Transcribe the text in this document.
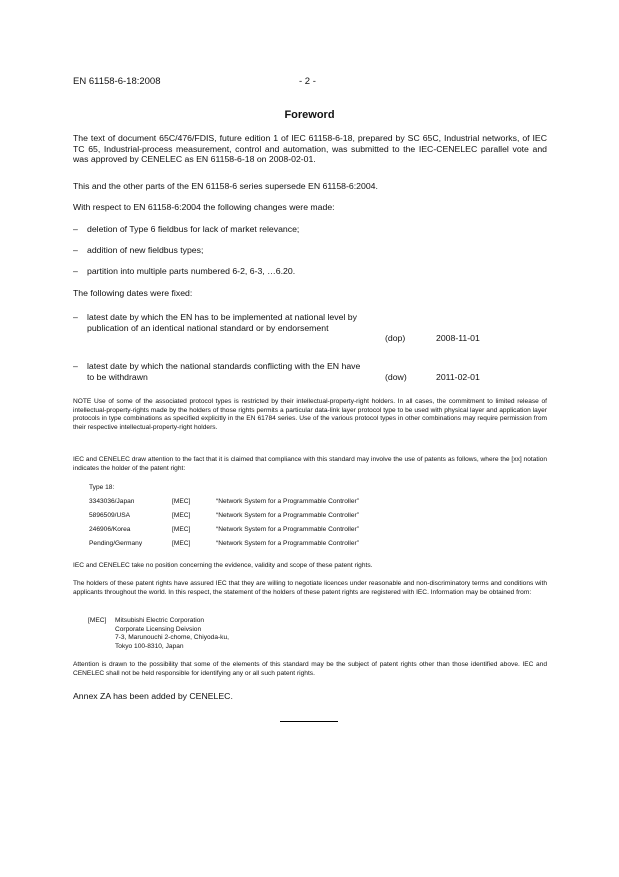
EN 61158-6-18:2008	- 2 -
Foreword
The text of document 65C/476/FDIS, future edition 1 of IEC 61158-6-18, prepared by SC 65C, Industrial networks, of IEC TC 65, Industrial-process measurement, control and automation, was submitted to the IEC-CENELEC parallel vote and was approved by CENELEC as EN 61158-6-18 on 2008-02-01.
This and the other parts of the EN 61158-6 series supersede EN 61158-6:2004.
With respect to EN 61158-6:2004 the following changes were made:
– deletion of Type 6 fieldbus for lack of market relevance;
– addition of new fieldbus types;
– partition into multiple parts numbered 6-2, 6-3, …6.20.
The following dates were fixed:
– latest date by which the EN has to be implemented at national level by publication of an identical national standard or by endorsement
(dop)	2008-11-01
– latest date by which the national standards conflicting with the EN have to be withdrawn	(dow)	2011-02-01
NOTE Use of some of the associated protocol types is restricted by their intellectual-property-right holders. In all cases, the commitment to limited release of intellectual-property-rights made by the holders of those rights permits a particular data-link layer protocol type to be used with physical layer and application layer protocols in type combinations as specified explicitly in the EN 61784 series. Use of the various protocol types in other combinations may require permission from their respective intellectual-property-right holders.
IEC and CENELEC draw attention to the fact that it is claimed that compliance with this standard may involve the use of patents as follows, where the [xx] notation indicates the holder of the patent right:
Type 18:
3343036/Japan	[MEC]	“Network System for a Programmable Controller”
5896509/USA	[MEC]	“Network System for a Programmable Controller”
246906/Korea	[MEC]	“Network System for a Programmable Controller”
Pending/Germany	[MEC]	“Network System for a Programmable Controller”
IEC and CENELEC take no position concerning the evidence, validity and scope of these patent rights.
The holders of these patent rights have assured IEC that they are willing to negotiate licences under reasonable and non-discriminatory terms and conditions with applicants throughout the world. In this respect, the statement of the holders of these patent rights are registered with IEC. Information may be obtained from:
[MEC] Mitsubishi Electric Corporation
Corporate Licensing Deivsion
7-3, Marunouchi 2-chome, Chiyoda-ku,
Tokyo 100-8310, Japan
Attention is drawn to the possibility that some of the elements of this standard may be the subject of patent rights other than those identified above. IEC and CENELEC shall not be held responsible for identifying any or all such patent rights.
Annex ZA has been added by CENELEC.
